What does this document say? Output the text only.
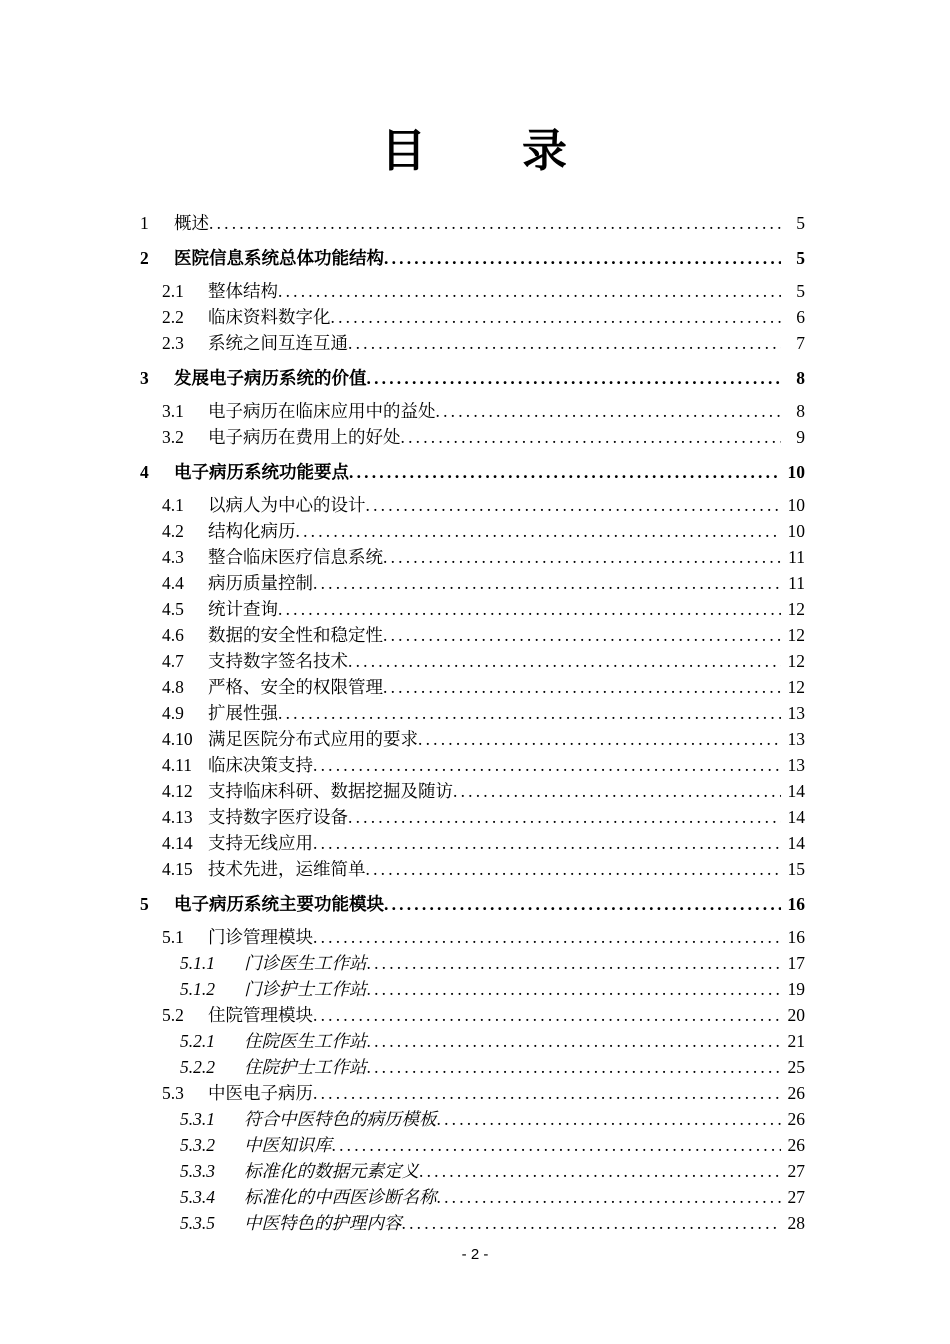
目　　录
1	概述 .....	5
2	医院信息系统总体功能结构 .....	5
2.1	整体结构 .....	5
2.2	临床资料数字化 .....	6
2.3	系统之间互连互通 .....	7
3	发展电子病历系统的价值 .....	8
3.1	电子病历在临床应用中的益处 .....	8
3.2	电子病历在费用上的好处 .....	9
4	电子病历系统功能要点 .....	10
4.1	以病人为中心的设计 .....	10
4.2	结构化病历 .....	10
4.3	整合临床医疗信息系统 .....	11
4.4	病历质量控制 .....	11
4.5	统计查询 .....	12
4.6	数据的安全性和稳定性 .....	12
4.7	支持数字签名技术 .....	12
4.8	严格、安全的权限管理 .....	12
4.9	扩展性强 .....	13
4.10 满足医院分布式应用的要求 .....	13
4.11 临床决策支持 .....	13
4.12 支持临床科研、数据挖掘及随访 .....	14
4.13 支持数字医疗设备 .....	14
4.14 支持无线应用 .....	14
4.15 技术先进，运维简单 .....	15
5	电子病历系统主要功能模块 .....	16
5.1	门诊管理模块 .....	16
5.1.1	门诊医生工作站 .....	17
5.1.2	门诊护士工作站 .....	19
5.2	住院管理模块 .....	20
5.2.1	住院医生工作站 .....	21
5.2.2	住院护士工作站 .....	25
5.3	中医电子病历 .....	26
5.3.1	符合中医特色的病历模板 .....	26
5.3.2	中医知识库 .....	26
5.3.3	标准化的数据元素定义 .....	27
5.3.4	标准化的中西医诊断名称 .....	27
5.3.5	中医特色的护理内容 .....	28
- 2 -
